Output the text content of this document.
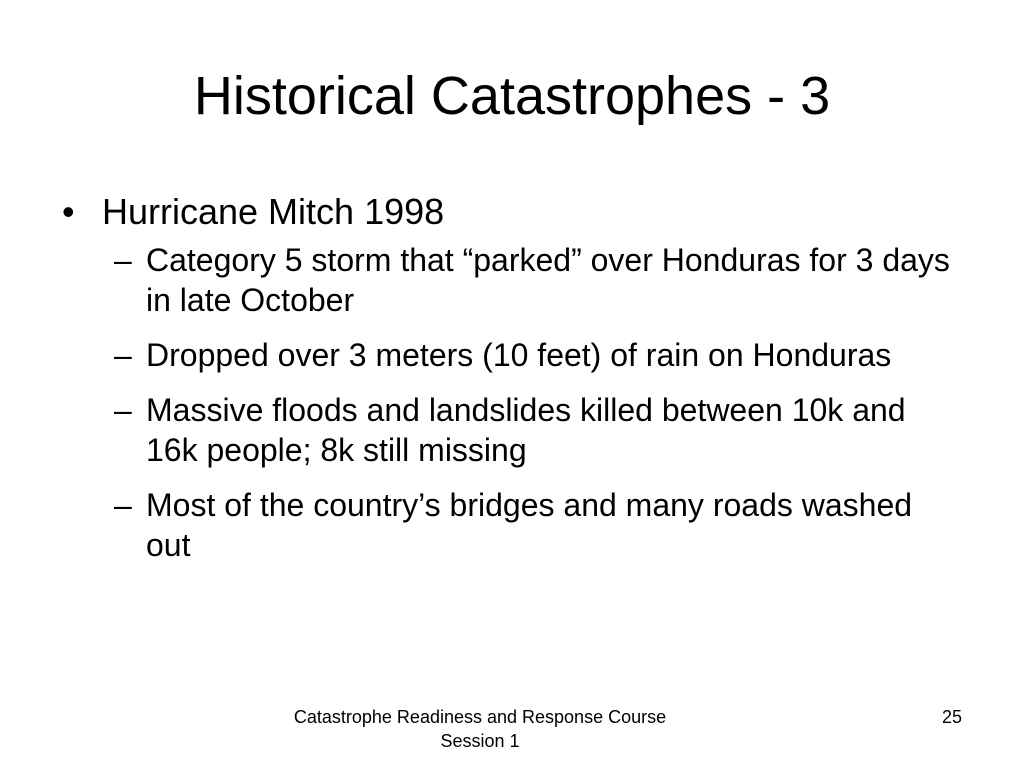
Historical Catastrophes - 3
• Hurricane Mitch 1998
– Category 5 storm that “parked” over Honduras for 3 days in late October
– Dropped over 3 meters (10 feet) of rain on Honduras
– Massive floods and landslides killed between 10k and 16k people; 8k still missing
– Most of the country’s bridges and many roads washed out
Catastrophe Readiness and Response Course
Session 1
25
